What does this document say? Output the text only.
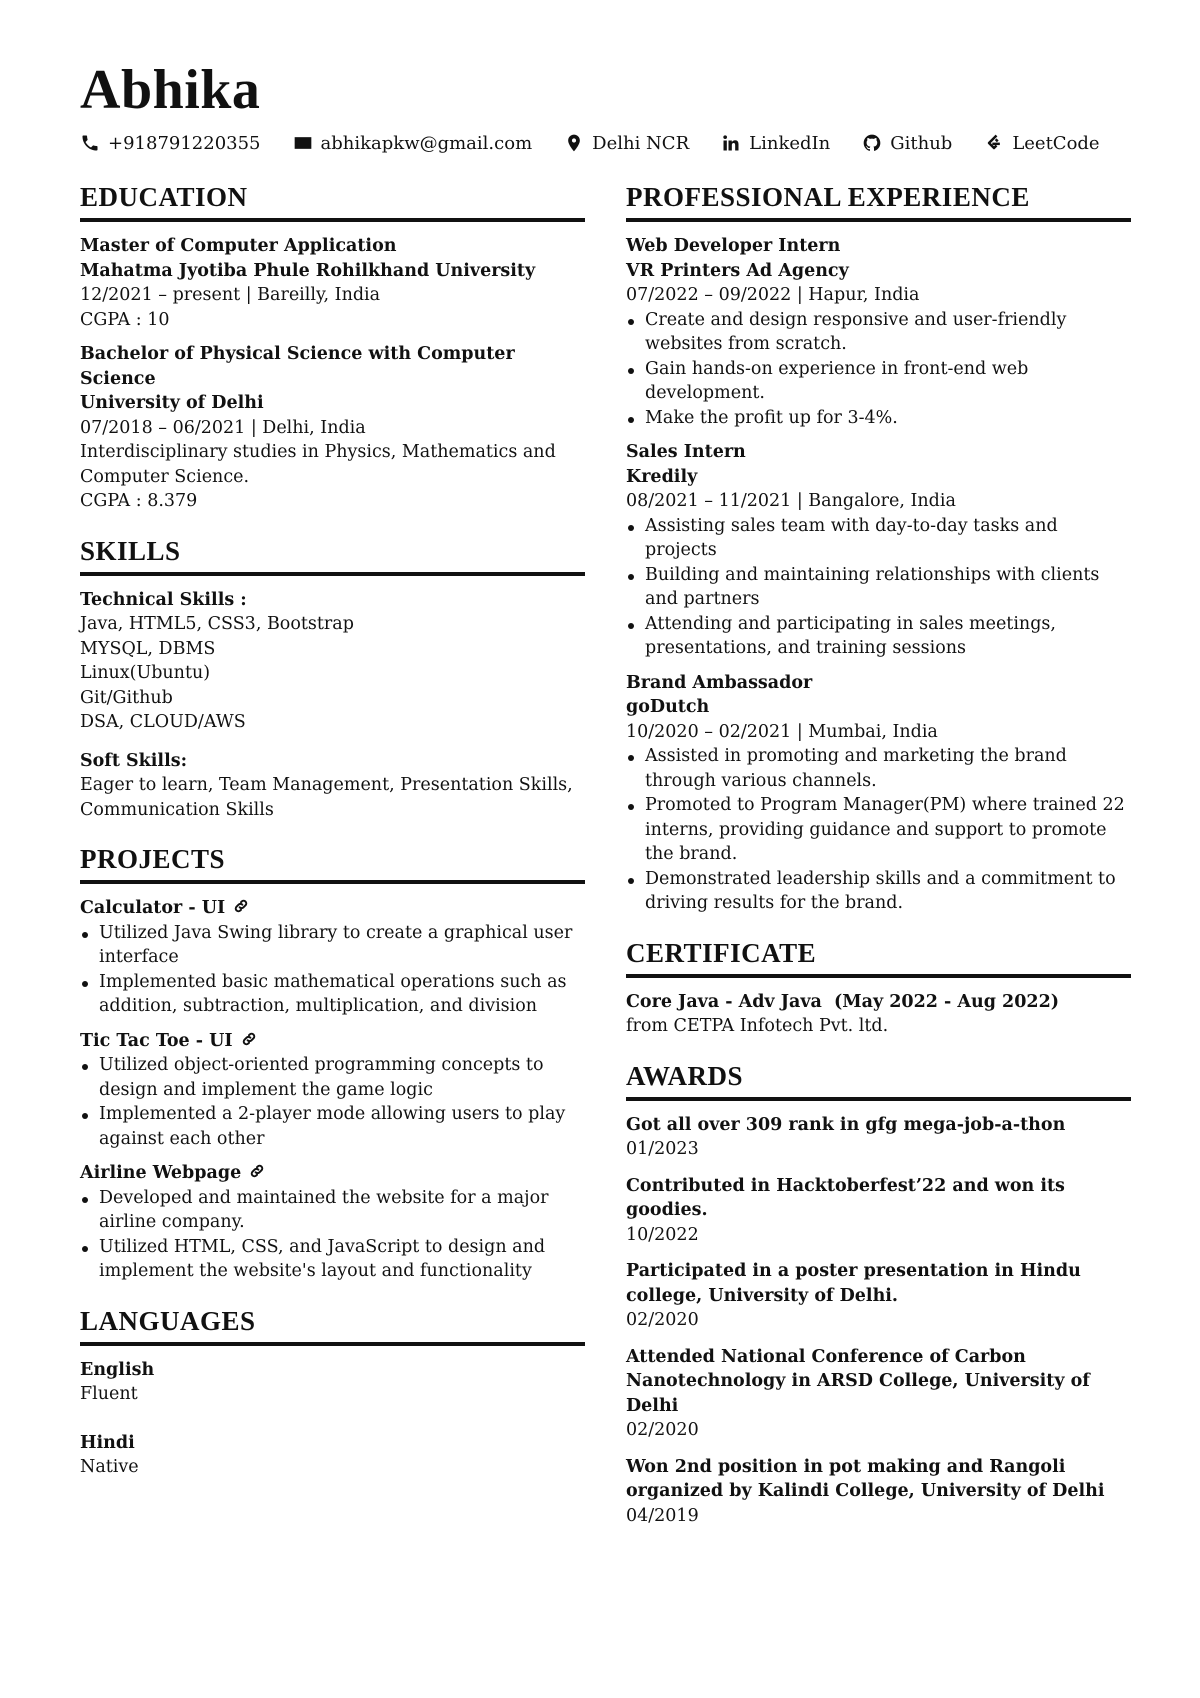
Abhika
+918791220355	abhikapkw@gmail.com	Delhi NCR	LinkedIn	Github	LeetCode
EDUCATION
Master of Computer Application
Mahatma Jyotiba Phule Rohilkhand University
12/2021 – present | Bareilly, India
CGPA : 10
Bachelor of Physical Science with Computer Science
University of Delhi
07/2018 – 06/2021 | Delhi, India
Interdisciplinary studies in Physics, Mathematics and Computer Science.
CGPA : 8.379
SKILLS
Technical Skills :
Java, HTML5, CSS3, Bootstrap
MYSQL, DBMS
Linux(Ubuntu)
Git/Github
DSA, CLOUD/AWS
Soft Skills:
Eager to learn, Team Management, Presentation Skills, Communication Skills
PROJECTS
Calculator - UI
Utilized Java Swing library to create a graphical user interface
Implemented basic mathematical operations such as addition, subtraction, multiplication, and division
Tic Tac Toe - UI
Utilized object-oriented programming concepts to design and implement the game logic
Implemented a 2-player mode allowing users to play against each other
Airline Webpage
Developed and maintained the website for a major airline company.
Utilized HTML, CSS, and JavaScript to design and implement the website's layout and functionality
LANGUAGES
English
Fluent
Hindi
Native
PROFESSIONAL EXPERIENCE
Web Developer Intern
VR Printers Ad Agency
07/2022 – 09/2022 | Hapur, India
Create and design responsive and user-friendly websites from scratch.
Gain hands-on experience in front-end web development.
Make the profit up for 3-4%.
Sales Intern
Kredily
08/2021 – 11/2021 | Bangalore, India
Assisting sales team with day-to-day tasks and projects
Building and maintaining relationships with clients and partners
Attending and participating in sales meetings, presentations, and training sessions
Brand Ambassador
goDutch
10/2020 – 02/2021 | Mumbai, India
Assisted in promoting and marketing the brand through various channels.
Promoted to Program Manager(PM) where trained 22 interns, providing guidance and support to promote the brand.
Demonstrated leadership skills and a commitment to driving results for the brand.
CERTIFICATE
Core Java - Adv Java  (May 2022 - Aug 2022)
from CETPA Infotech Pvt. ltd.
AWARDS
Got all over 309 rank in gfg mega-job-a-thon
01/2023
Contributed in Hacktoberfest’22 and won its goodies.
10/2022
Participated in a poster presentation in Hindu college, University of Delhi.
02/2020
Attended National Conference of Carbon Nanotechnology in ARSD College, University of Delhi
02/2020
Won 2nd position in pot making and Rangoli organized by Kalindi College, University of Delhi
04/2019
